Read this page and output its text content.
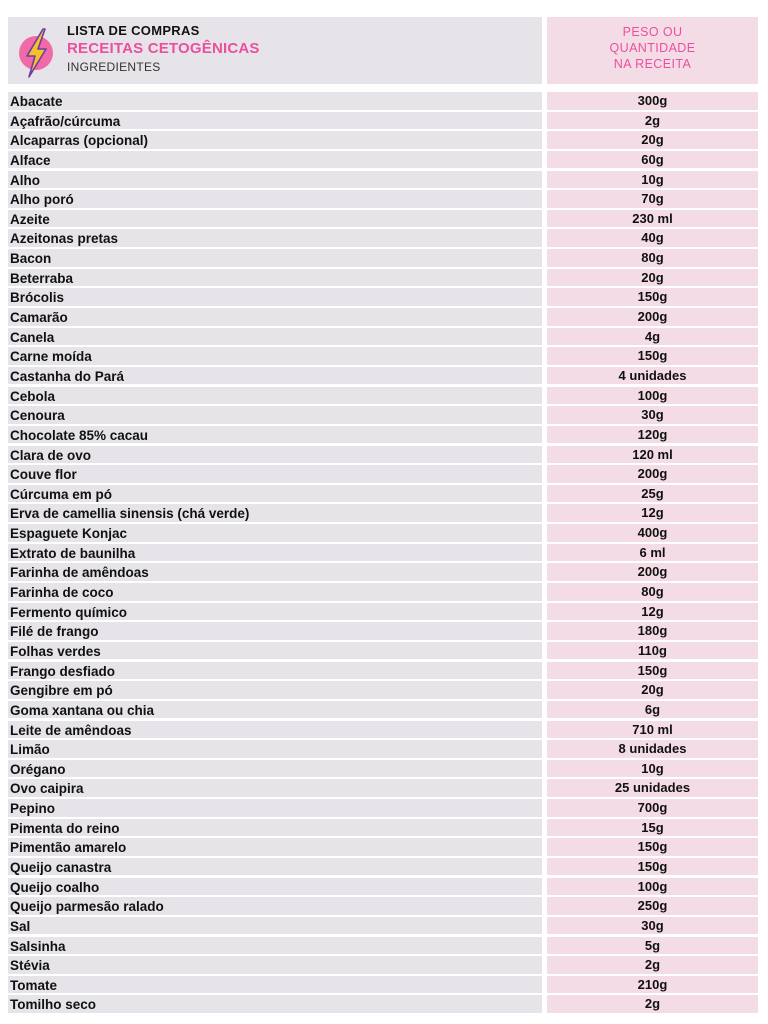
LISTA DE COMPRAS
RECEITAS CETOGÊNICAS
INGREDIENTES
PESO OU
QUANTIDADE
NA RECEITA
Abacate	300g
Açafrão/cúrcuma	2g
Alcaparras (opcional)	20g
Alface	60g
Alho	10g
Alho poró	70g
Azeite	230 ml
Azeitonas pretas	40g
Bacon	80g
Beterraba	20g
Brócolis	150g
Camarão	200g
Canela	4g
Carne moída	150g
Castanha do Pará	4 unidades
Cebola	100g
Cenoura	30g
Chocolate 85% cacau	120g
Clara de ovo	120 ml
Couve flor	200g
Cúrcuma em pó	25g
Erva de camellia sinensis (chá verde)	12g
Espaguete Konjac	400g
Extrato de baunilha	6 ml
Farinha de amêndoas	200g
Farinha de coco	80g
Fermento químico	12g
Filé de frango	180g
Folhas verdes	110g
Frango desfiado	150g
Gengibre em pó	20g
Goma xantana ou chia	6g
Leite de amêndoas	710 ml
Limão	8 unidades
Orégano	10g
Ovo caipira	25 unidades
Pepino	700g
Pimenta do reino	15g
Pimentão amarelo	150g
Queijo canastra	150g
Queijo coalho	100g
Queijo parmesão ralado	250g
Sal	30g
Salsinha	5g
Stévia	2g
Tomate	210g
Tomilho seco	2g
